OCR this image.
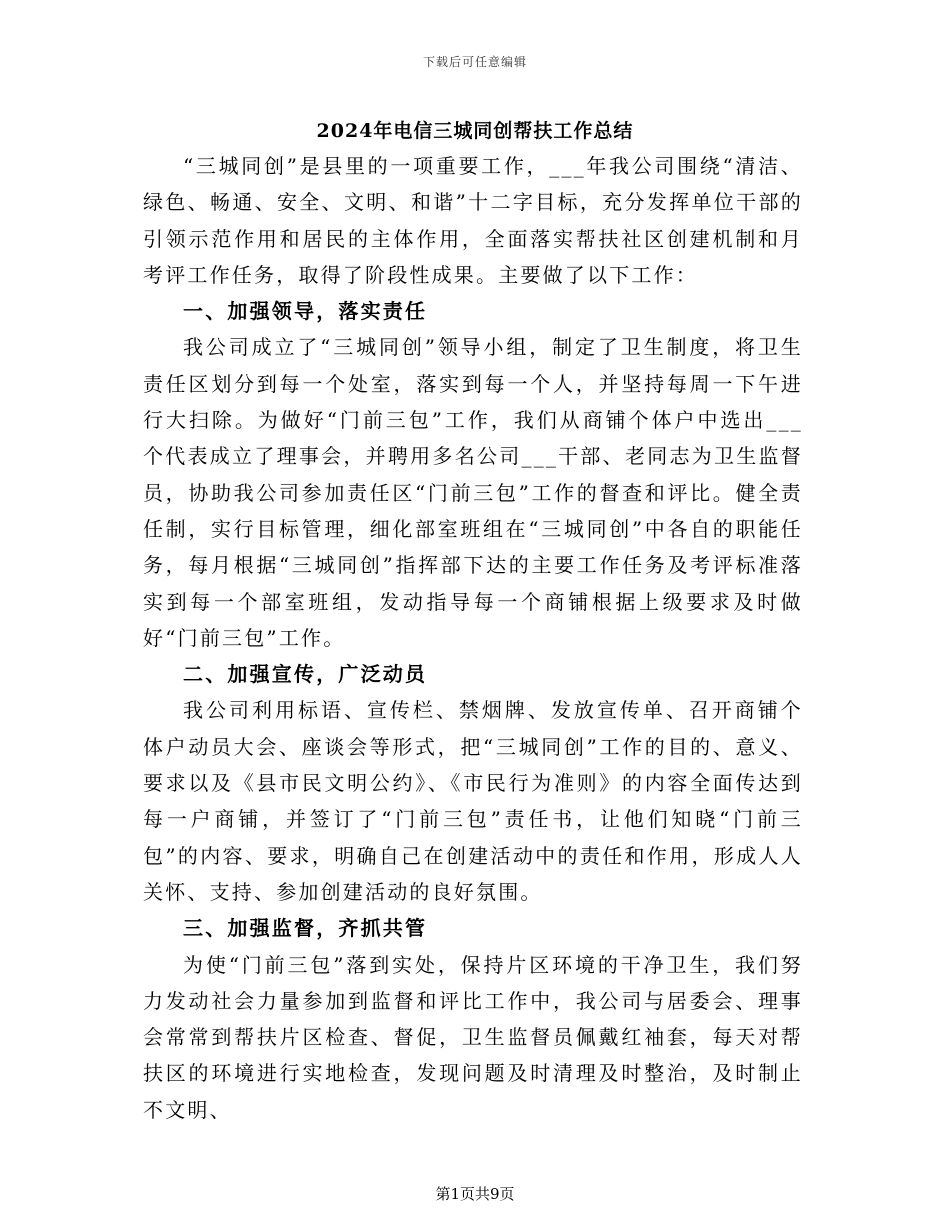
下载后可任意编辑
2024年电信三城同创帮扶工作总结

“三城同创”是县里的一项重要工作，___年我公司围绕“清洁、绿色、畅通、安全、文明、和谐”十二字目标，充分发挥单位干部的引领示范作用和居民的主体作用，全面落实帮扶社区创建机制和月考评工作任务，取得了阶段性成果。主要做了以下工作：

一、加强领导，落实责任

我公司成立了“三城同创”领导小组，制定了卫生制度，将卫生责任区划分到每一个处室，落实到每一个人，并坚持每周一下午进行大扫除。为做好“门前三包”工作，我们从商铺个体户中选出___个代表成立了理事会，并聘用多名公司___干部、老同志为卫生监督员，协助我公司参加责任区“门前三包”工作的督查和评比。健全责任制，实行目标管理，细化部室班组在“三城同创”中各自的职能任务，每月根据“三城同创”指挥部下达的主要工作任务及考评标准落实到每一个部室班组，发动指导每一个商铺根据上级要求及时做好“门前三包”工作。

二、加强宣传，广泛动员

我公司利用标语、宣传栏、禁烟牌、发放宣传单、召开商铺个体户动员大会、座谈会等形式，把“三城同创”工作的目的、意义、要求以及《县市民文明公约》、《市民行为准则》的内容全面传达到每一户商铺，并签订了“门前三包”责任书，让他们知晓“门前三包”的内容、要求，明确自己在创建活动中的责任和作用，形成人人关怀、支持、参加创建活动的良好氛围。

三、加强监督，齐抓共管

为使“门前三包”落到实处，保持片区环境的干净卫生，我们努力发动社会力量参加到监督和评比工作中，我公司与居委会、理事会常常到帮扶片区检查、督促，卫生监督员佩戴红袖套，每天对帮扶区的环境进行实地检查，发现问题及时清理及时整治，及时制止不文明、

第1页共9页
